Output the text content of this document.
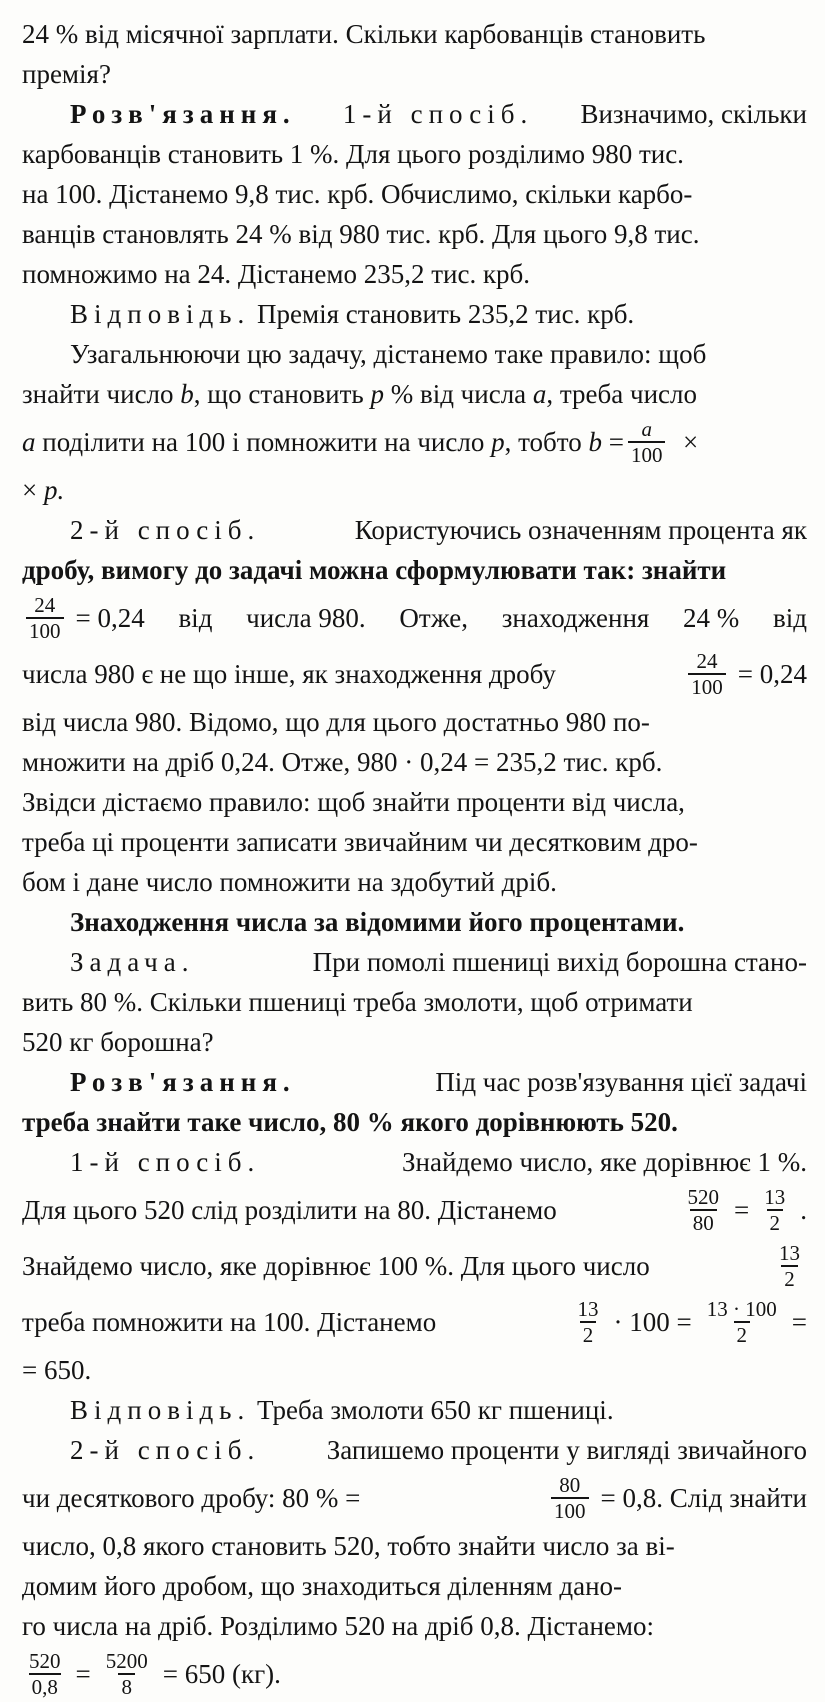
24 % від місячної зарплати. Скільки карбованців становить
премія?
Розв'язання. 1-й спосіб. Визначимо, скільки
карбованців становить 1 %. Для цього розділимо 980 тис.
на 100. Дістанемо 9,8 тис. крб. Обчислимо, скільки карбо-
ванців становлять 24 % від 980 тис. крб. Для цього 9,8 тис.
помножимо на 24. Дістанемо 235,2 тис. крб.
Відповідь.
Премія становить 235,2 тис. крб.
Узагальнюючи цю задачу, дістанемо таке правило: щоб
знайти число
b , що становить
p
% від числа
a , треба число
a
поділити на 100 і помножити на число
p , тобто
b
= $\frac{a}{100}$
×
×
p.
2-й спосіб.	Користуючись означенням процента як
дробу, вимогу до задачі можна сформулювати так: знайти
$\frac{24}{100} = 0,24$ від числа 980. Отже, знаходження 24 % від
числа 980 є не що інше, як знаходження дробу	$\frac{24}{100} = 0,24$
від числа 980. Відомо, що для цього достатньо 980 по-
множити на дріб 0,24. Отже, 980 · 0,24 = 235,2 тис. крб.
Звідси дістаємо правило: щоб знайти проценти від числа,
треба ці проценти записати звичайним чи десятковим дро-
бом і дане число помножити на здобутий дріб.
Знаходження числа за відомими його процентами.
Задача.	При помолі пшениці вихід борошна стано-
вить 80 %. Скільки пшениці треба змолоти, щоб отримати
520 кг борошна?
Розв'язання.	Під час розв'язування цієї задачі
треба знайти таке число, 80 % якого дорівнюють 520.
1-й спосіб.	Знайдемо число, яке дорівнює 1 %.
Для цього 520 слід розділити на 80. Дістанемо	$\frac{520}{80} = \frac{13}{2}$ .
Знайдемо число, яке дорівнює 100 %. Для цього число	$\frac{13}{2}$
треба помножити на 100. Дістанемо	$\frac{13}{2} \cdot 100 = \frac{13 \cdot 100}{2}$ =
= 650.
Відповідь.
Треба змолоти 650 кг пшениці.
2-й спосіб. Запишемо проценти у вигляді звичайного
чи десяткового дробу: 80 % =	$\frac{80}{100} = 0,8$. Слід знайти
число, 0,8 якого становить 520, тобто знайти число за ві-
домим його дробом, що знаходиться діленням дано-
го числа на дріб. Розділимо 520 на дріб 0,8. Дістанемо:
$\frac{520}{0,8} = \frac{5200}{8} = 650$ (кг).
